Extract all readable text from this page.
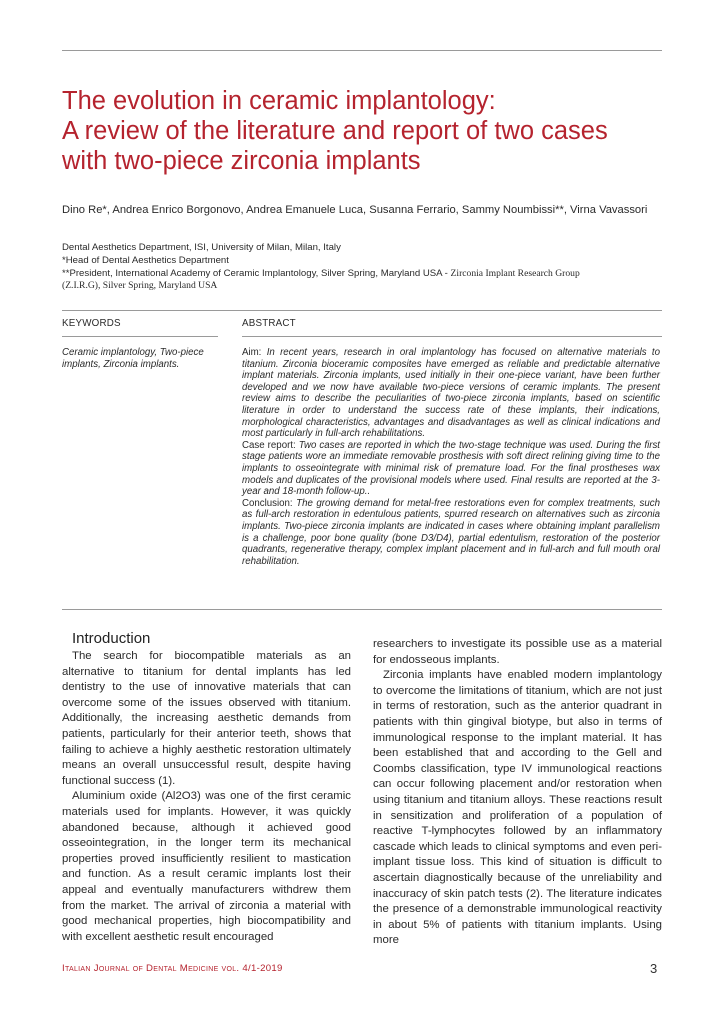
The evolution in ceramic implantology:
A review of the literature and report of two cases
with two-piece zirconia implants
Dino Re*, Andrea Enrico Borgonovo, Andrea Emanuele Luca, Susanna Ferrario, Sammy Noumbissi**, Virna Vavassori
Dental Aesthetics Department, ISI, University of Milan, Milan, Italy
*Head of Dental Aesthetics Department
**President, International Academy of Ceramic Implantology, Silver Spring, Maryland USA - Zirconia Implant Research Group
(Z.I.R.G), Silver Spring, Maryland USA
KEYWORDS	ABSTRACT
Ceramic implantology, Two-piece implants, Zirconia implants.

Aim: In recent years, research in oral implantology has focused on alternative materials to titanium. Zirconia bioceramic composites have emerged as reliable and predictable alternative implant materials. Zirconia implants, used initially in their one-piece variant, have been further developed and we now have available two-piece versions of ceramic implants. The present review aims to describe the peculiarities of two-piece zirconia implants, based on scientific literature in order to understand the success rate of these implants, their indications, morphological characteristics, advantages and disadvantages as well as clinical indications and most particularly in full-arch rehabilitations.

Case report: Two cases are reported in which the two-stage technique was used. During the first stage patients wore an immediate removable prosthesis with soft direct relining giving time to the implants to osseointegrate with minimal risk of premature load. For the final prostheses wax models and duplicates of the provisional models where used. Final results are reported at the 3-year and 18-month follow-up..

Conclusion: The growing demand for metal-free restorations even for complex treatments, such as full-arch restoration in edentulous patients, spurred research on alternatives such as zirconia implants. Two-piece zirconia implants are indicated in cases where obtaining implant parallelism is a challenge, poor bone quality (bone D3/D4), partial edentulism, restoration of the posterior quadrants, regenerative therapy, complex implant placement and in full-arch and full mouth oral rehabilitation.

Introduction

The search for biocompatible materials as an alternative to titanium for dental implants has led dentistry to the use of innovative materials that can overcome some of the issues observed with titanium. Additionally, the increasing aesthetic demands from patients, particularly for their anterior teeth, shows that failing to achieve a highly aesthetic restoration ultimately means an overall unsuccessful result, despite having functional success (1).

Aluminium oxide (Al2O3) was one of the first ceramic materials used for implants. However, it was quickly abandoned because, although it achieved good osseointegration, in the longer term its mechanical properties proved insufficiently resilient to mastication and function. As a result ceramic implants lost their appeal and eventually manufacturers withdrew them from the market. The arrival of zirconia a material with good mechanical properties, high biocompatibility and with excellent aesthetic result encouraged

researchers to investigate its possible use as a material for endosseous implants.

Zirconia implants have enabled modern implantology to overcome the limitations of titanium, which are not just in terms of restoration, such as the anterior quadrant in patients with thin gingival biotype, but also in terms of immunological response to the implant material. It has been established that and according to the Gell and Coombs classification, type IV immunological reactions can occur following placement and/or restoration when using titanium and titanium alloys. These reactions result in sensitization and proliferation of a population of reactive T-lymphocytes followed by an inflammatory cascade which leads to clinical symptoms and even peri-implant tissue loss. This kind of situation is difficult to ascertain diagnostically because of the unreliability and inaccuracy of skin patch tests (2). The literature indicates the presence of a demonstrable immunological reactivity in about 5% of patients with titanium implants. Using more

Italian Journal of Dental Medicine vol. 4/1-2019	3
